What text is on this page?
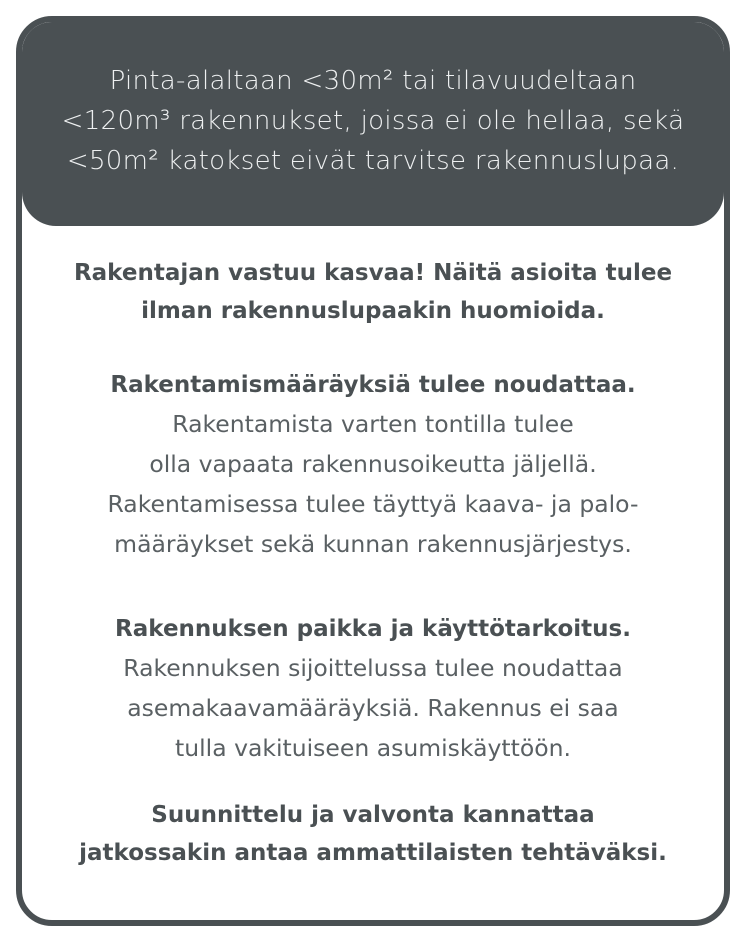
Pinta-alaltaan <30m² tai tilavuudeltaan
<120m³ rakennukset, joissa ei ole hellaa, sekä
<50m² katokset eivät tarvitse rakennuslupaa.
Rakentajan vastuu kasvaa! Näitä asioita tulee
ilman rakennuslupaakin huomioida.
Rakentamismääräyksiä tulee noudattaa.
Rakentamista varten tontilla tulee
olla vapaata rakennusoikeutta jäljellä.
Rakentamisessa tulee täyttyä kaava- ja palo-
määräykset sekä kunnan rakennusjärjestys.
Rakennuksen paikka ja käyttötarkoitus.
Rakennuksen sijoittelussa tulee noudattaa
asemakaavamääräyksiä. Rakennus ei saa
tulla vakituiseen asumiskäyttöön.
Suunnittelu ja valvonta kannattaa
jatkossakin antaa ammattilaisten tehtäväksi.
